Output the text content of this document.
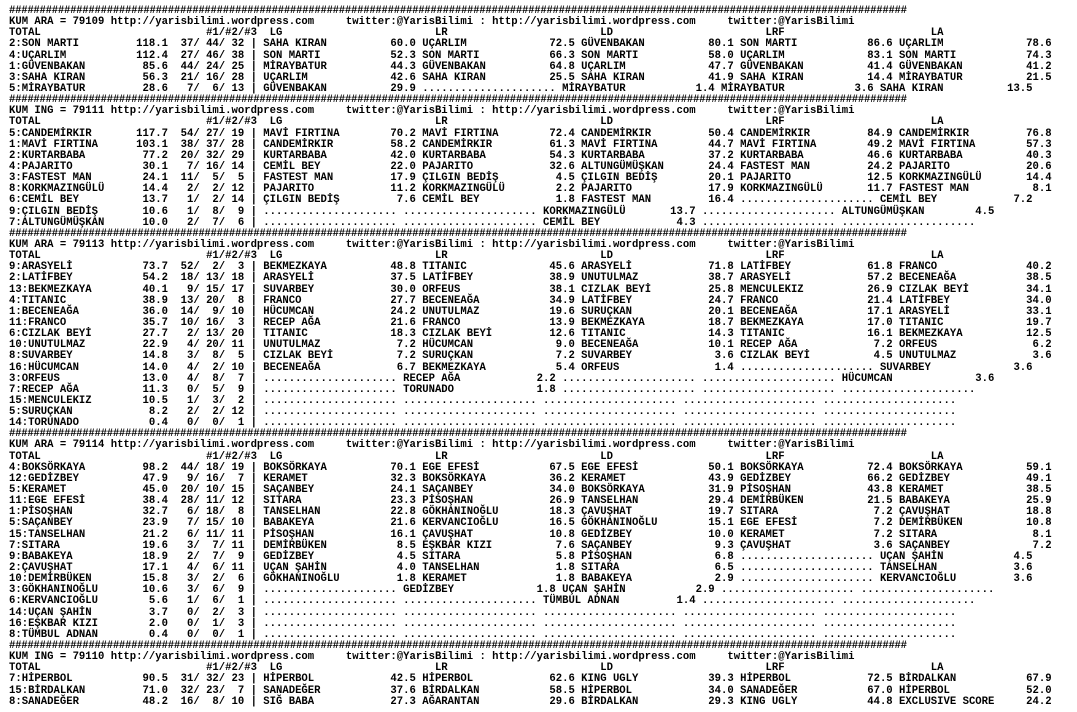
###################################################################################################################################################
KUM ARA = 79109 http://yarisbilimi.wordpress.com     twitter:@YarisBilimi : http://yarisbilimi.wordpress.com     twitter:@YarisBilimi
TOTAL                          #1/#2/#3  LG                        LR                        LD                        LRF                       LA
2:SON MARTI         118.1  37/ 44/ 32 | SAHA KIRAN          60.0 UÇARLIM             72.5 GÜVENBAKAN          80.1 SON MARTI           86.6 UÇARLIM             78.6
4:UÇARLIM           112.4  27/ 46/ 38 | SON MARTI           52.3 SON MARTI           66.3 SON MARTI           58.0 UÇARLIM             83.1 SON MARTI           74.3
1:GÜVENBAKAN         85.6  44/ 24/ 25 | MİRAYBATUR          44.3 GÜVENBAKAN          64.8 UÇARLIM             47.7 GÜVENBAKAN          41.4 GÜVENBAKAN          41.2
3:SAHA KIRAN         56.3  21/ 16/ 28 | UÇARLIM             42.6 SAHA KIRAN          25.5 SAHA KIRAN          41.9 SAHA KIRAN          14.4 MİRAYBATUR          21.5
5:MİRAYBATUR         28.6   7/  6/ 13 | GÜVENBAKAN          29.9 ..................... MİRAYBATUR           1.4 MİRAYBATUR           3.6 SAHA KIRAN          13.5
###################################################################################################################################################
KUM ING = 79111 http://yarisbilimi.wordpress.com     twitter:@YarisBilimi : http://yarisbilimi.wordpress.com     twitter:@YarisBilimi
TOTAL                          #1/#2/#3  LG                        LR                        LD                        LRF                       LA
5:CANDEMİRKIR       117.7  54/ 27/ 19 | MAVİ FIRTINA        70.2 MAVİ FIRTINA        72.4 CANDEMİRKIR         50.4 CANDEMİRKIR         84.9 CANDEMİRKIR         76.8
1:MAVİ FIRTINA      103.1  38/ 37/ 28 | CANDEMİRKIR         58.2 CANDEMİRKIR         61.3 MAVİ FIRTINA        44.7 MAVİ FIRTINA        49.2 MAVİ FIRTINA        57.3
2:KURTARBABA         77.2  20/ 32/ 29 | KURTARBABA          42.0 KURTARBABA          54.3 KURTARBABA          37.2 KURTARBABA          46.6 KURTARBABA          40.3
4:PAJARITO           30.1   7/ 16/ 14 | CEMİL BEY           22.0 PAJARITO            32.6 ALTUNGÜMÜŞKAN       24.4 FASTEST MAN         24.2 PAJARITO            20.6
3:FASTEST MAN        24.1  11/  5/  5 | FASTEST MAN         17.9 ÇILGIN BEDİŞ         4.5 ÇILGIN BEDİŞ        20.1 PAJARITO            12.5 KORKMAZINGÜLÜ       14.4
8:KORKMAZINGÜLÜ      14.4   2/  2/ 12 | PAJARITO            11.2 KORKMAZINGÜLÜ        2.2 PAJARITO            17.9 KORKMAZINGÜLÜ       11.7 FASTEST MAN          8.1
6:CEMİL BEY          13.7   1/  2/ 14 | ÇILGIN BEDİŞ         7.6 CEMİL BEY            1.8 FASTEST MAN         16.4 ..................... CEMİL BEY            7.2
9:ÇILGIN BEDİŞ       10.6   1/  8/  9 | ..................... ..................... KORKMAZINGÜLÜ       13.7 ..................... ALTUNGÜMÜŞKAN        4.5
7:ALTUNGÜMÜŞKAN      10.0   2/  7/  6 | ..................... ..................... CEMİL BEY            4.3 ..................... .....................
###################################################################################################################################################
KUM ARA = 79113 http://yarisbilimi.wordpress.com     twitter:@YarisBilimi : http://yarisbilimi.wordpress.com     twitter:@YarisBilimi
TOTAL                          #1/#2/#3  LG                        LR                        LD                        LRF                       LA
9:ARASYELİ           73.7  52/  2/  3 | BEKMEZKAYA          48.8 TITANIC             45.6 ARASYELİ            71.8 LATİFBEY            61.8 FRANCO              40.2
2:LATİFBEY           54.2  18/ 13/ 18 | ARASYELİ            37.5 LATİFBEY            38.9 UNUTULMAZ           38.7 ARASYELİ            57.2 BECENEAĞA           38.5
13:BEKMEZKAYA        40.1   9/ 15/ 17 | SUVARBEY            30.0 ORFEUS              38.1 CIZLAK BEYİ         25.8 MENCULEKIZ          26.9 CIZLAK BEYİ         34.1
4:TITANIC            38.9  13/ 20/  8 | FRANCO              27.7 BECENEAĞA           34.9 LATİFBEY            24.7 FRANCO              21.4 LATİFBEY            34.0
1:BECENEAĞA          36.0  14/  9/ 10 | HÜCUMCAN            24.2 UNUTULMAZ           19.6 SURUÇKAN            20.1 BECENEAĞA           17.1 ARASYELİ            33.1
11:FRANCO            35.7  10/ 16/  3 | RECEP AĞA           21.6 FRANCO              13.9 BEKMEZKAYA          18.7 BEKMEZKAYA          17.0 TITANIC             19.7
6:CIZLAK BEYİ        27.7   2/ 13/ 20 | TITANIC             18.3 CIZLAK BEYİ         12.6 TITANIC             14.3 TITANIC             16.1 BEKMEZKAYA          12.5
10:UNUTULMAZ         22.9   4/ 20/ 11 | UNUTULMAZ            7.2 HÜCUMCAN             9.0 BECENEAĞA           10.1 RECEP AĞA            7.2 ORFEUS               6.2
8:SUVARBEY           14.8   3/  8/  5 | CIZLAK BEYİ          7.2 SURUÇKAN             7.2 SUVARBEY             3.6 CIZLAK BEYİ          4.5 UNUTULMAZ            3.6
16:HÜCUMCAN          14.0   4/  2/ 10 | BECENEAĞA            6.7 BEKMEZKAYA           5.4 ORFEUS               1.4 ..................... SUVARBEY             3.6
3:ORFEUS             13.0   4/  8/  7 | ..................... RECEP AĞA            2.2 ..................... ..................... HÜCUMCAN             3.6
7:RECEP AĞA          11.3   0/  5/  9 | ..................... TORUNADO             1.8 ..................... ..................... .....................
15:MENCULEKIZ        10.5   1/  3/  2 | ..................... ..................... ..................... ..................... .....................
5:SURUÇKAN            8.2   2/  2/ 12 | ..................... ..................... ..................... ..................... .....................
14:TORUNADO           0.4   0/  0/  1 | ..................... ..................... ..................... ..................... .....................
###################################################################################################################################################
KUM ARA = 79114 http://yarisbilimi.wordpress.com     twitter:@YarisBilimi : http://yarisbilimi.wordpress.com     twitter:@YarisBilimi
TOTAL                          #1/#2/#3  LG                        LR                        LD                        LRF                       LA
4:BOKSÖRKAYA         98.2  44/ 18/ 19 | BOKSÖRKAYA          70.1 EGE EFESİ           67.5 EGE EFESİ           50.1 BOKSÖRKAYA          72.4 BOKSÖRKAYA          59.1
12:GEDİZBEY          47.9   9/ 16/  7 | KERAMET             32.3 BOKSÖRKAYA          36.2 KERAMET             43.9 GEDİZBEY            66.2 GEDİZBEY            49.1
5:KERAMET            45.0  20/ 10/ 15 | SAÇANBEY            24.1 SAÇANBEY            34.0 BOKSÖRKAYA          31.9 PİSOŞHAN            43.8 KERAMET             38.5
11:EGE EFESİ         38.4  28/ 11/ 12 | SITARA              23.3 PİSOŞHAN            26.9 TANSELHAN           29.4 DEMİRBÜKEN          21.5 BABAKEYA            25.9
1:PİSOŞHAN           32.7   6/ 18/  8 | TANSELHAN           22.8 GÖKHANINOĞLU        18.3 ÇAVUŞHAT            19.7 SITARA               7.2 ÇAVUŞHAT            18.8
5:SAÇANBEY           23.9   7/ 15/ 10 | BABAKEYA            21.6 KERVANCIOĞLU        16.5 GÖKHANINOĞLU        15.1 EGE EFESİ            7.2 DEMİRBÜKEN          10.8
15:TANSELHAN         21.2   6/ 11/ 11 | PİSOŞHAN            16.1 ÇAVUŞHAT            10.8 GEDİZBEY            10.0 KERAMET              7.2 SITARA               8.1
7:SITARA             19.6   3/  7/ 11 | DEMİRBÜKEN           8.5 EŞKBAR KIZI          7.6 SAÇANBEY             9.3 ÇAVUŞHAT             3.6 SAÇANBEY             7.2
9:BABAKEYA           18.9   2/  7/  9 | GEDİZBEY             4.5 SITARA               5.8 PİSOŞHAN             6.8 ..................... UÇAN ŞAHİN           4.5
2:ÇAVUŞHAT           17.1   4/  6/ 11 | UÇAN ŞAHİN           4.0 TANSELHAN            1.8 SITARA               6.5 ..................... TANSELHAN            3.6
10:DEMİRBÜKEN        15.8   3/  2/  6 | GÖKHANINOĞLU         1.8 KERAMET              1.8 BABAKEYA             2.9 ..................... KERVANCIOĞLU         3.6
3:GÖKHANINOĞLU       10.6   3/  6/  9 | ..................... GEDİZBEY             1.8 UÇAN ŞAHİN           2.9 ..................... .....................
6:KERVANCIOĞLU        5.6   1/  6/  1 | ..................... ..................... TÜMBUL ADNAN         1.4 ..................... .....................
14:UÇAN ŞAHİN         3.7   0/  2/  3 | ..................... ..................... ..................... ..................... .....................
16:EŞKBAR KIZI        2.0   0/  1/  3 | ..................... ..................... ..................... ..................... .....................
8:TÜMBUL ADNAN        0.4   0/  0/  1 | ..................... ..................... ..................... ..................... .....................
###################################################################################################################################################
KUM ING = 79110 http://yarisbilimi.wordpress.com     twitter:@YarisBilimi : http://yarisbilimi.wordpress.com     twitter:@YarisBilimi
TOTAL                          #1/#2/#3  LG                        LR                        LD                        LRF                       LA
7:HİPERBOL           90.5  31/ 32/ 23 | HİPERBOL            42.5 HİPERBOL            62.6 KING UGLY           39.3 HİPERBOL            72.5 BİRDALKAN           67.9
15:BİRDALKAN         71.0  32/ 23/  7 | SANADEĞER           37.6 BİRDALKAN           58.5 HİPERBOL            34.0 SANADEĞER           67.0 HİPERBOL            52.0
8:SANADEĞER          48.2  16/  8/ 10 | SIĞ BABA            27.3 AĞARANTAN           29.6 BİRDALKAN           29.3 KING UGLY           44.8 EXCLUSIVE SCORE     24.2
